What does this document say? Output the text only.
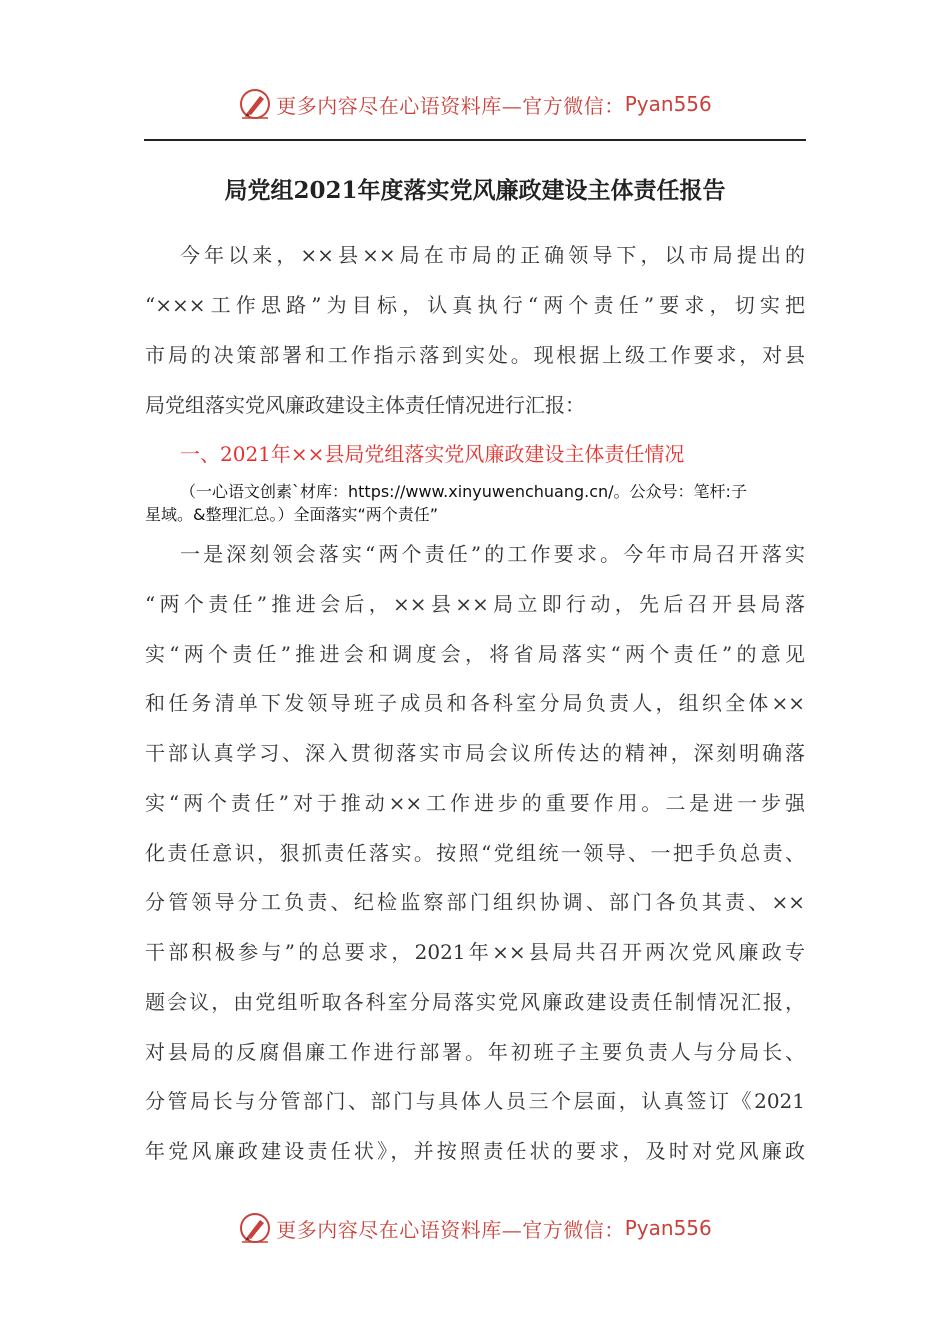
更多内容尽在心语资料库—官方微信： Pyan556
局党组2021年度落实党风廉政建设主体责任报告
今年以来，××县××局在市局的正确领导下，以市局提出的
“×××工作思路”为目标，认真执行“两个责任”要求，切实把
市局的决策部署和工作指示落到实处。现根据上级工作要求，对县
局党组落实党风廉政建设主体责任情况进行汇报：
一、2021年××县局党组落实党风廉政建设主体责任情况
（一心语文创素`材库：https://www.xinyuwenchuang.cn/。公众号：笔杆:子
星域。&整理汇总。）全面落实“两个责任”
一是深刻领会落实“两个责任”的工作要求。今年市局召开落实
“两个责任”推进会后，××县××局立即行动，先后召开县局落
实“两个责任”推进会和调度会，将省局落实“两个责任”的意见
和任务清单下发领导班子成员和各科室分局负责人，组织全体××
干部认真学习、深入贯彻落实市局会议所传达的精神，深刻明确落
实“两个责任”对于推动××工作进步的重要作用。二是进一步强
化责任意识，狠抓责任落实。按照“党组统一领导、一把手负总责、
分管领导分工负责、纪检监察部门组织协调、部门各负其责、××
干部积极参与”的总要求，2021年××县局共召开两次党风廉政专
题会议，由党组听取各科室分局落实党风廉政建设责任制情况汇报，
对县局的反腐倡廉工作进行部署。年初班子主要负责人与分局长、
分管局长与分管部门、部门与具体人员三个层面，认真签订《2021
年党风廉政建设责任状》，并按照责任状的要求，及时对党风廉政
更多内容尽在心语资料库—官方微信： Pyan556
